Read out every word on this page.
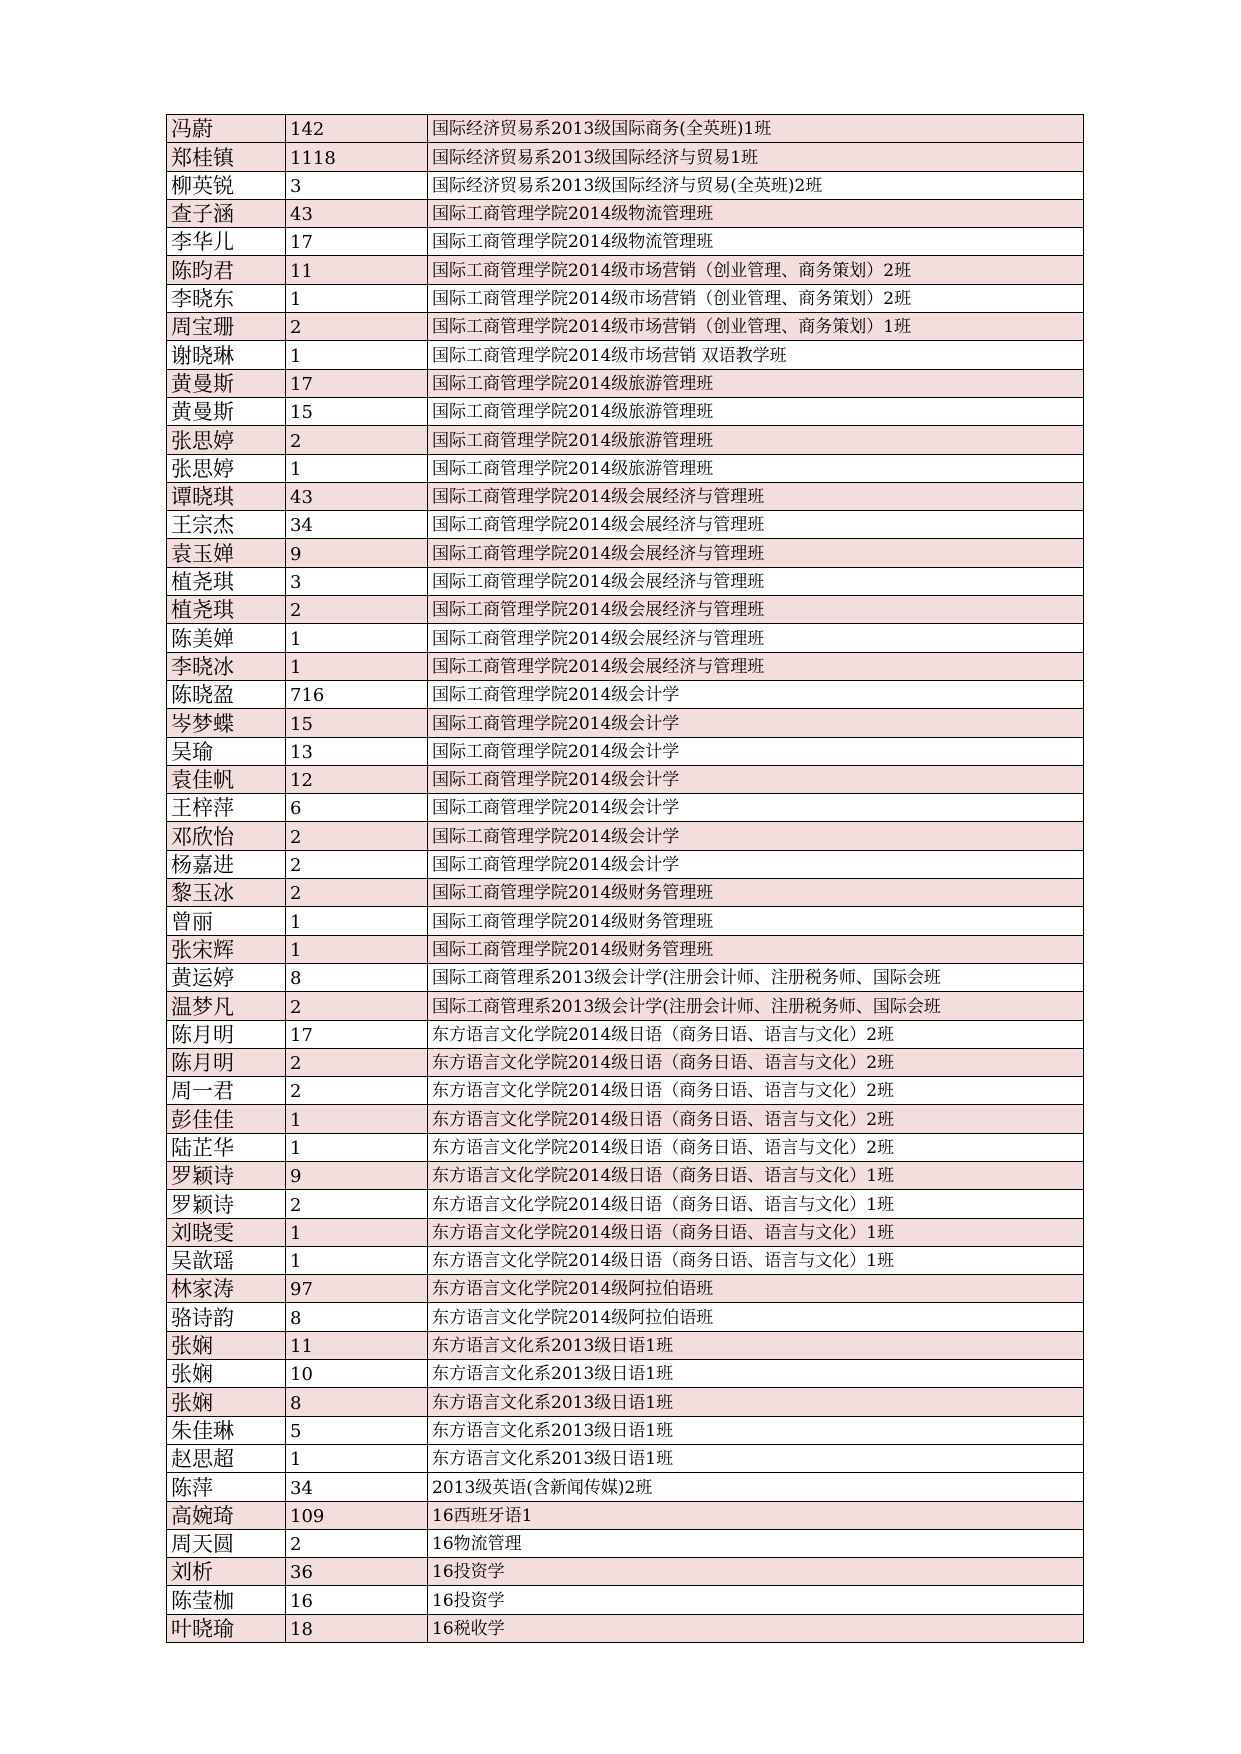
冯蔚	142	国际经济贸易系2013级国际商务(全英班)1班
郑桂镇	1118	国际经济贸易系2013级国际经济与贸易1班
柳英锐	3	国际经济贸易系2013级国际经济与贸易(全英班)2班
查子涵	43	国际工商管理学院2014级物流管理班
李华儿	17	国际工商管理学院2014级物流管理班
陈昀君	11	国际工商管理学院2014级市场营销（创业管理、商务策划）2班
李晓东	1	国际工商管理学院2014级市场营销（创业管理、商务策划）2班
周宝珊	2	国际工商管理学院2014级市场营销（创业管理、商务策划）1班
谢晓琳	1	国际工商管理学院2014级市场营销 双语教学班
黄曼斯	17	国际工商管理学院2014级旅游管理班
黄曼斯	15	国际工商管理学院2014级旅游管理班
张思婷	2	国际工商管理学院2014级旅游管理班
张思婷	1	国际工商管理学院2014级旅游管理班
谭晓琪	43	国际工商管理学院2014级会展经济与管理班
王宗杰	34	国际工商管理学院2014级会展经济与管理班
袁玉婵	9	国际工商管理学院2014级会展经济与管理班
植尧琪	3	国际工商管理学院2014级会展经济与管理班
植尧琪	2	国际工商管理学院2014级会展经济与管理班
陈美婵	1	国际工商管理学院2014级会展经济与管理班
李晓冰	1	国际工商管理学院2014级会展经济与管理班
陈晓盈	716	国际工商管理学院2014级会计学
岑梦蝶	15	国际工商管理学院2014级会计学
吴瑜	13	国际工商管理学院2014级会计学
袁佳帆	12	国际工商管理学院2014级会计学
王梓萍	6	国际工商管理学院2014级会计学
邓欣怡	2	国际工商管理学院2014级会计学
杨嘉进	2	国际工商管理学院2014级会计学
黎玉冰	2	国际工商管理学院2014级财务管理班
曾丽	1	国际工商管理学院2014级财务管理班
张宋辉	1	国际工商管理学院2014级财务管理班
黄运婷	8	国际工商管理系2013级会计学(注册会计师、注册税务师、国际会班
温梦凡	2	国际工商管理系2013级会计学(注册会计师、注册税务师、国际会班
陈月明	17	东方语言文化学院2014级日语（商务日语、语言与文化）2班
陈月明	2	东方语言文化学院2014级日语（商务日语、语言与文化）2班
周一君	2	东方语言文化学院2014级日语（商务日语、语言与文化）2班
彭佳佳	1	东方语言文化学院2014级日语（商务日语、语言与文化）2班
陆芷华	1	东方语言文化学院2014级日语（商务日语、语言与文化）2班
罗颖诗	9	东方语言文化学院2014级日语（商务日语、语言与文化）1班
罗颖诗	2	东方语言文化学院2014级日语（商务日语、语言与文化）1班
刘晓雯	1	东方语言文化学院2014级日语（商务日语、语言与文化）1班
吴歆瑶	1	东方语言文化学院2014级日语（商务日语、语言与文化）1班
林家涛	97	东方语言文化学院2014级阿拉伯语班
骆诗韵	8	东方语言文化学院2014级阿拉伯语班
张娴	11	东方语言文化系2013级日语1班
张娴	10	东方语言文化系2013级日语1班
张娴	8	东方语言文化系2013级日语1班
朱佳琳	5	东方语言文化系2013级日语1班
赵思超	1	东方语言文化系2013级日语1班
陈萍	34	2013级英语(含新闻传媒)2班
高婉琦	109	16西班牙语1
周天圆	2	16物流管理
刘析	36	16投资学
陈莹枷	16	16投资学
叶晓瑜	18	16税收学
